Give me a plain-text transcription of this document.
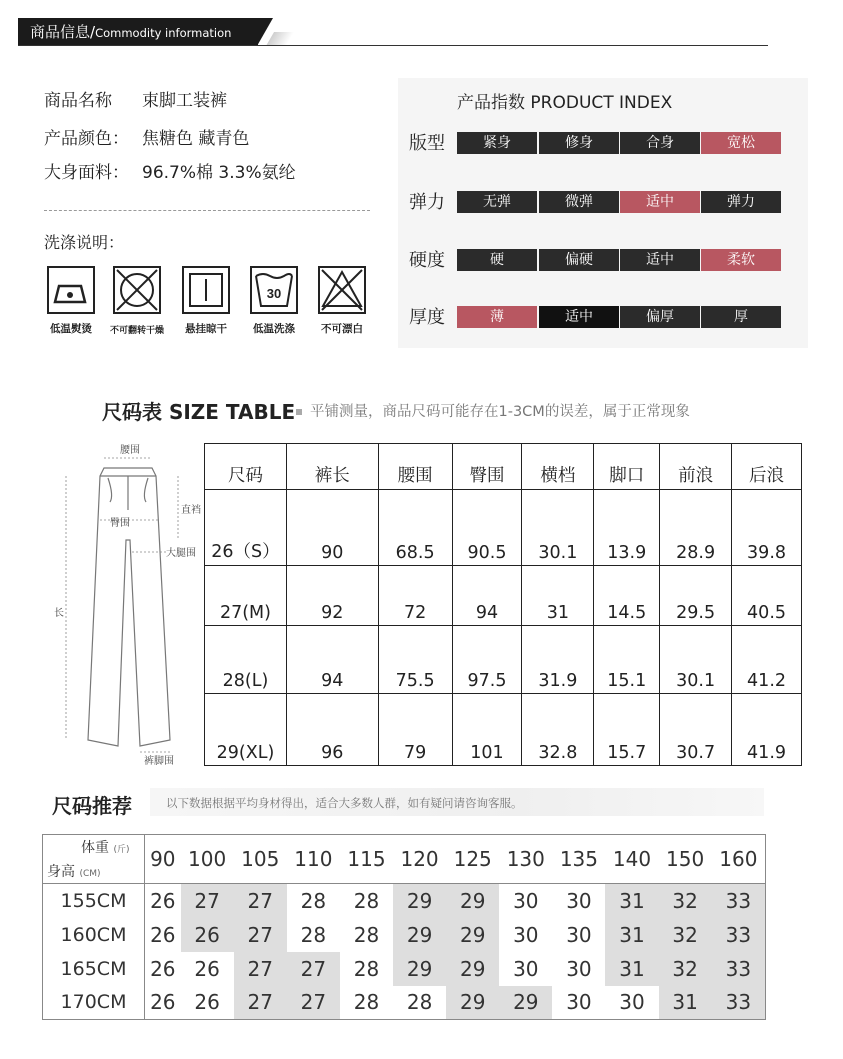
商品信息/Commodity information
商品名称 束脚工装裤
产品颜色： 焦糖色 藏青色
大身面料： 96.7%棉 3.3%氨纶
洗涤说明：
低温熨烫	不可翻转干燥	悬挂晾干
30
低温洗涤	不可漂白
产品指数 PRODUCT INDEX
版型	紧身	修身	合身	宽松
弹力	无弹	微弹	适中	弹力
硬度	硬	偏硬	适中	柔软
厚度	薄	适中	偏厚	厚
尺码表 SIZE TABLE	平铺测量，商品尺码可能存在1-3CM的误差，属于正常现象
腰围
臀围
直裆
大腿围
长
裤脚围
尺码	裤长	腰围	臀围	横档	脚口	前浪	后浪
26（S）	90	68.5	90.5	30.1	13.9	28.9	39.8
27(M)	92	72	94	31	14.5	29.5	40.5
28(L)	94	75.5	97.5	31.9	15.1	30.1	41.2
29(XL)	96	79	101	32.8	15.7	30.7	41.9
尺码推荐	以下数据根据平均身材得出，适合大多数人群，如有疑问请咨询客服。
体重 (斤)
身高 (CM)	90	100	105	110	115	120	125	130	135	140	150	160
155CM	26	27	27	28	28	29	29	30	30	31	32	33
160CM	26	26	27	28	28	29	29	30	30	31	32	33
165CM	26	26	27	27	28	29	29	30	30	31	32	33
170CM	26	26	27	27	28	28	29	29	30	30	31	33
